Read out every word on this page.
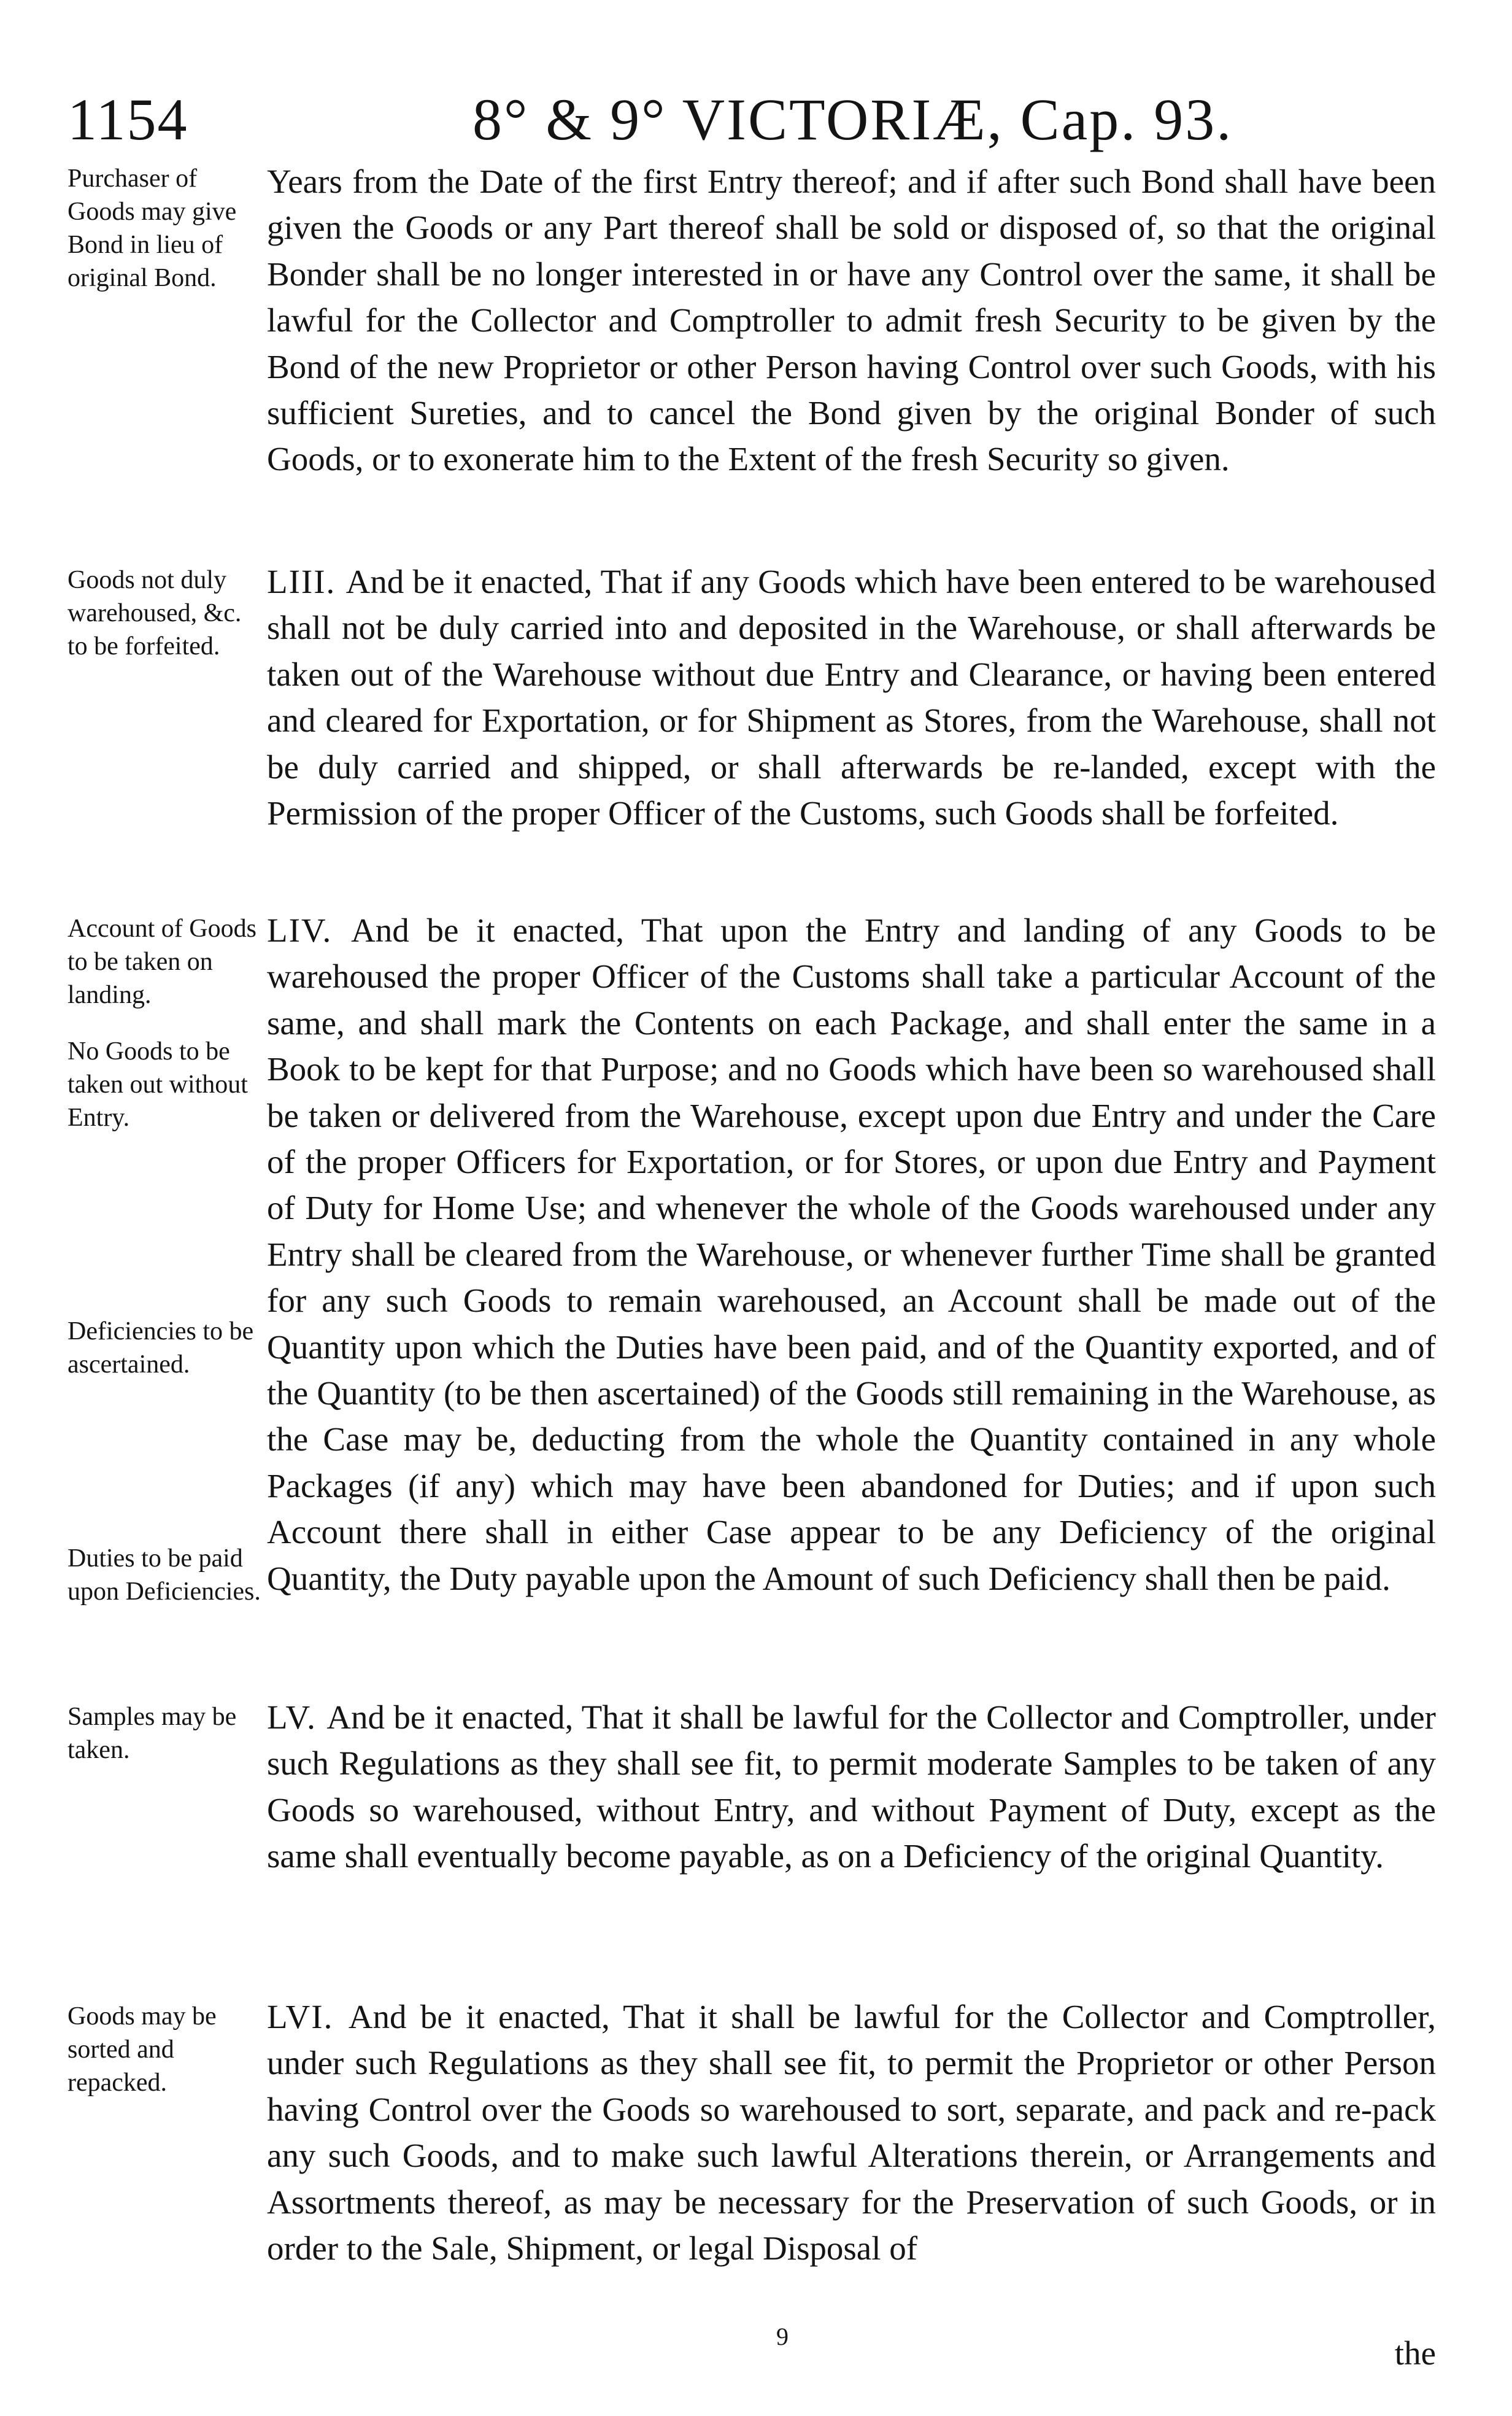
1154	8° & 9° VICTORIÆ, Cap. 93.

Purchaser of Goods may give Bond in lieu of original Bond.

Years from the Date of the first Entry thereof; and if after such Bond shall have been given the Goods or any Part thereof shall be sold or disposed of, so that the original Bonder shall be no longer interested in or have any Control over the same, it shall be lawful for the Collector and Comptroller to admit fresh Security to be given by the Bond of the new Proprietor or other Person having Control over such Goods, with his sufficient Sureties, and to cancel the Bond given by the original Bonder of such Goods, or to exonerate him to the Extent of the fresh Security so given.

Goods not duly warehoused, &c. to be forfeited.

LIII. And be it enacted, That if any Goods which have been entered to be warehoused shall not be duly carried into and deposited in the Warehouse, or shall afterwards be taken out of the Warehouse without due Entry and Clearance, or having been entered and cleared for Exportation, or for Shipment as Stores, from the Warehouse, shall not be duly carried and shipped, or shall afterwards be re-landed, except with the Permission of the proper Officer of the Customs, such Goods shall be forfeited.

Account of Goods to be taken on landing.

No Goods to be taken out without Entry.

Deficiencies to be ascertained.

Duties to be paid upon Deficiencies.

LIV. And be it enacted, That upon the Entry and landing of any Goods to be warehoused the proper Officer of the Customs shall take a particular Account of the same, and shall mark the Contents on each Package, and shall enter the same in a Book to be kept for that Purpose; and no Goods which have been so warehoused shall be taken or delivered from the Warehouse, except upon due Entry and under the Care of the proper Officers for Exportation, or for Stores, or upon due Entry and Payment of Duty for Home Use; and whenever the whole of the Goods warehoused under any Entry shall be cleared from the Warehouse, or whenever further Time shall be granted for any such Goods to remain warehoused, an Account shall be made out of the Quantity upon which the Duties have been paid, and of the Quantity exported, and of the Quantity (to be then ascertained) of the Goods still remaining in the Warehouse, as the Case may be, deducting from the whole the Quantity contained in any whole Packages (if any) which may have been abandoned for Duties; and if upon such Account there shall in either Case appear to be any Deficiency of the original Quantity, the Duty payable upon the Amount of such Deficiency shall then be paid.

Samples may be taken.

LV. And be it enacted, That it shall be lawful for the Collector and Comptroller, under such Regulations as they shall see fit, to permit moderate Samples to be taken of any Goods so warehoused, without Entry, and without Payment of Duty, except as the same shall eventually become payable, as on a Deficiency of the original Quantity.

Goods may be sorted and repacked.

LVI. And be it enacted, That it shall be lawful for the Collector and Comptroller, under such Regulations as they shall see fit, to permit the Proprietor or other Person having Control over the Goods so warehoused to sort, separate, and pack and re-pack any such Goods, and to make such lawful Alterations therein, or Arrangements and Assortments thereof, as may be necessary for the Preservation of such Goods, or in order to the Sale, Shipment, or legal Disposal of
9	the
